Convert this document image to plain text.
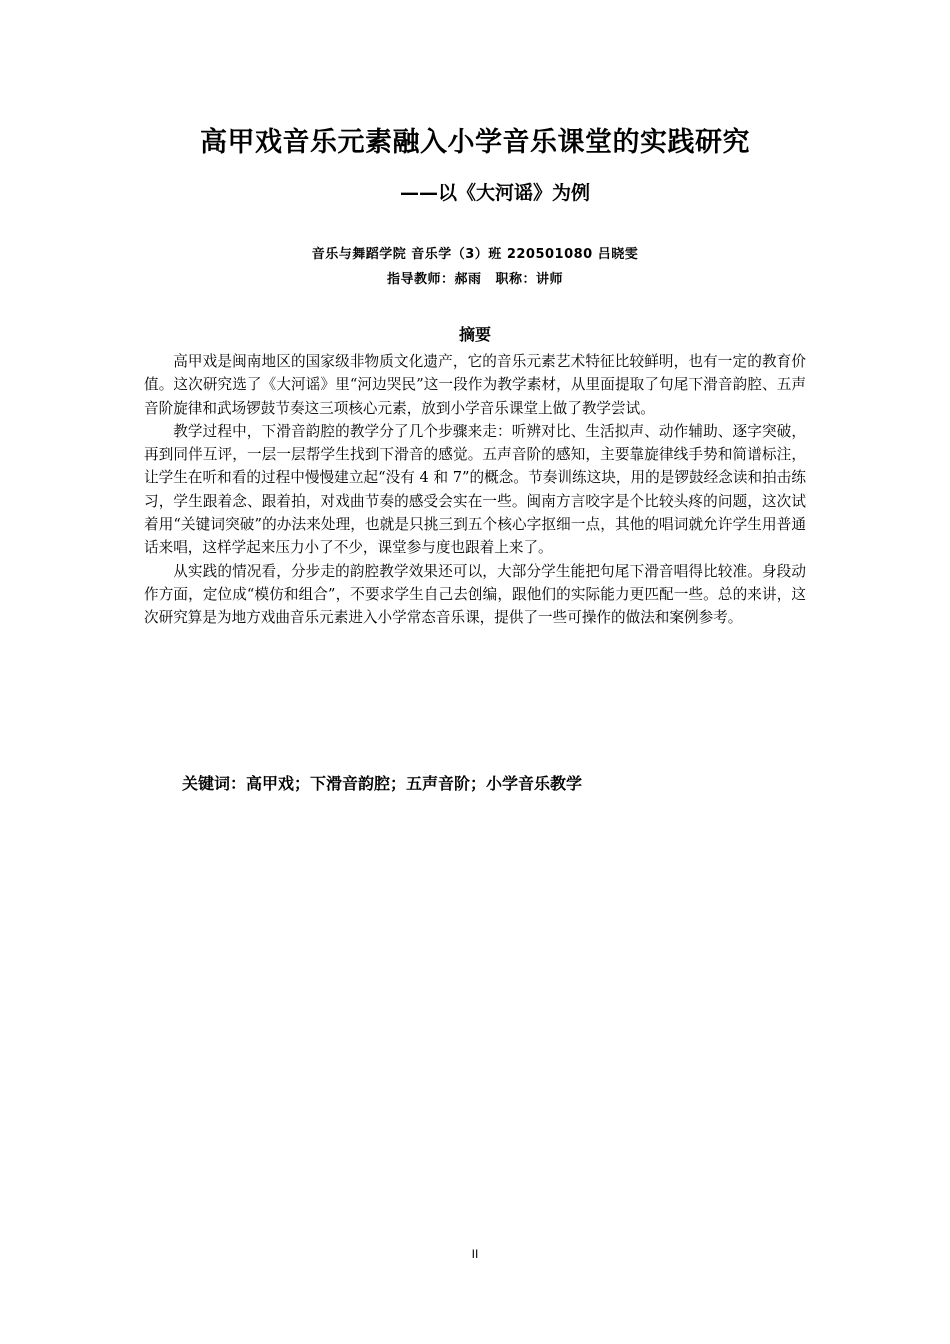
高甲戏音乐元素融入小学音乐课堂的实践研究
——以《大河谣》为例
音乐与舞蹈学院 音乐学（3）班 220501080 吕晓雯
指导教师：郝雨 职称：讲师
摘要

高甲戏是闽南地区的国家级非物质文化遗产，它的音乐元素艺术特征比较鲜明，也有一定的教育价值。这次研究选了《大河谣》里“河边哭民”这一段作为教学素材，从里面提取了句尾下滑音韵腔、五声音阶旋律和武场锣鼓节奏这三项核心元素，放到小学音乐课堂上做了教学尝试。

教学过程中，下滑音韵腔的教学分了几个步骤来走：听辨对比、生活拟声、动作辅助、逐字突破，再到同伴互评，一层一层帮学生找到下滑音的感觉。五声音阶的感知，主要靠旋律线手势和简谱标注，让学生在听和看的过程中慢慢建立起“没有 4 和 7”的概念。节奏训练这块，用的是锣鼓经念读和拍击练习，学生跟着念、跟着拍，对戏曲节奏的感受会实在一些。闽南方言咬字是个比较头疼的问题，这次试着用“关键词突破”的办法来处理，也就是只挑三到五个核心字抠细一点，其他的唱词就允许学生用普通话来唱，这样学起来压力小了不少，课堂参与度也跟着上来了。

从实践的情况看，分步走的韵腔教学效果还可以，大部分学生能把句尾下滑音唱得比较准。身段动作方面，定位成“模仿和组合”，不要求学生自己去创编，跟他们的实际能力更匹配一些。总的来讲，这次研究算是为地方戏曲音乐元素进入小学常态音乐课，提供了一些可操作的做法和案例参考。

关键词：高甲戏；下滑音韵腔；五声音阶；小学音乐教学
II
